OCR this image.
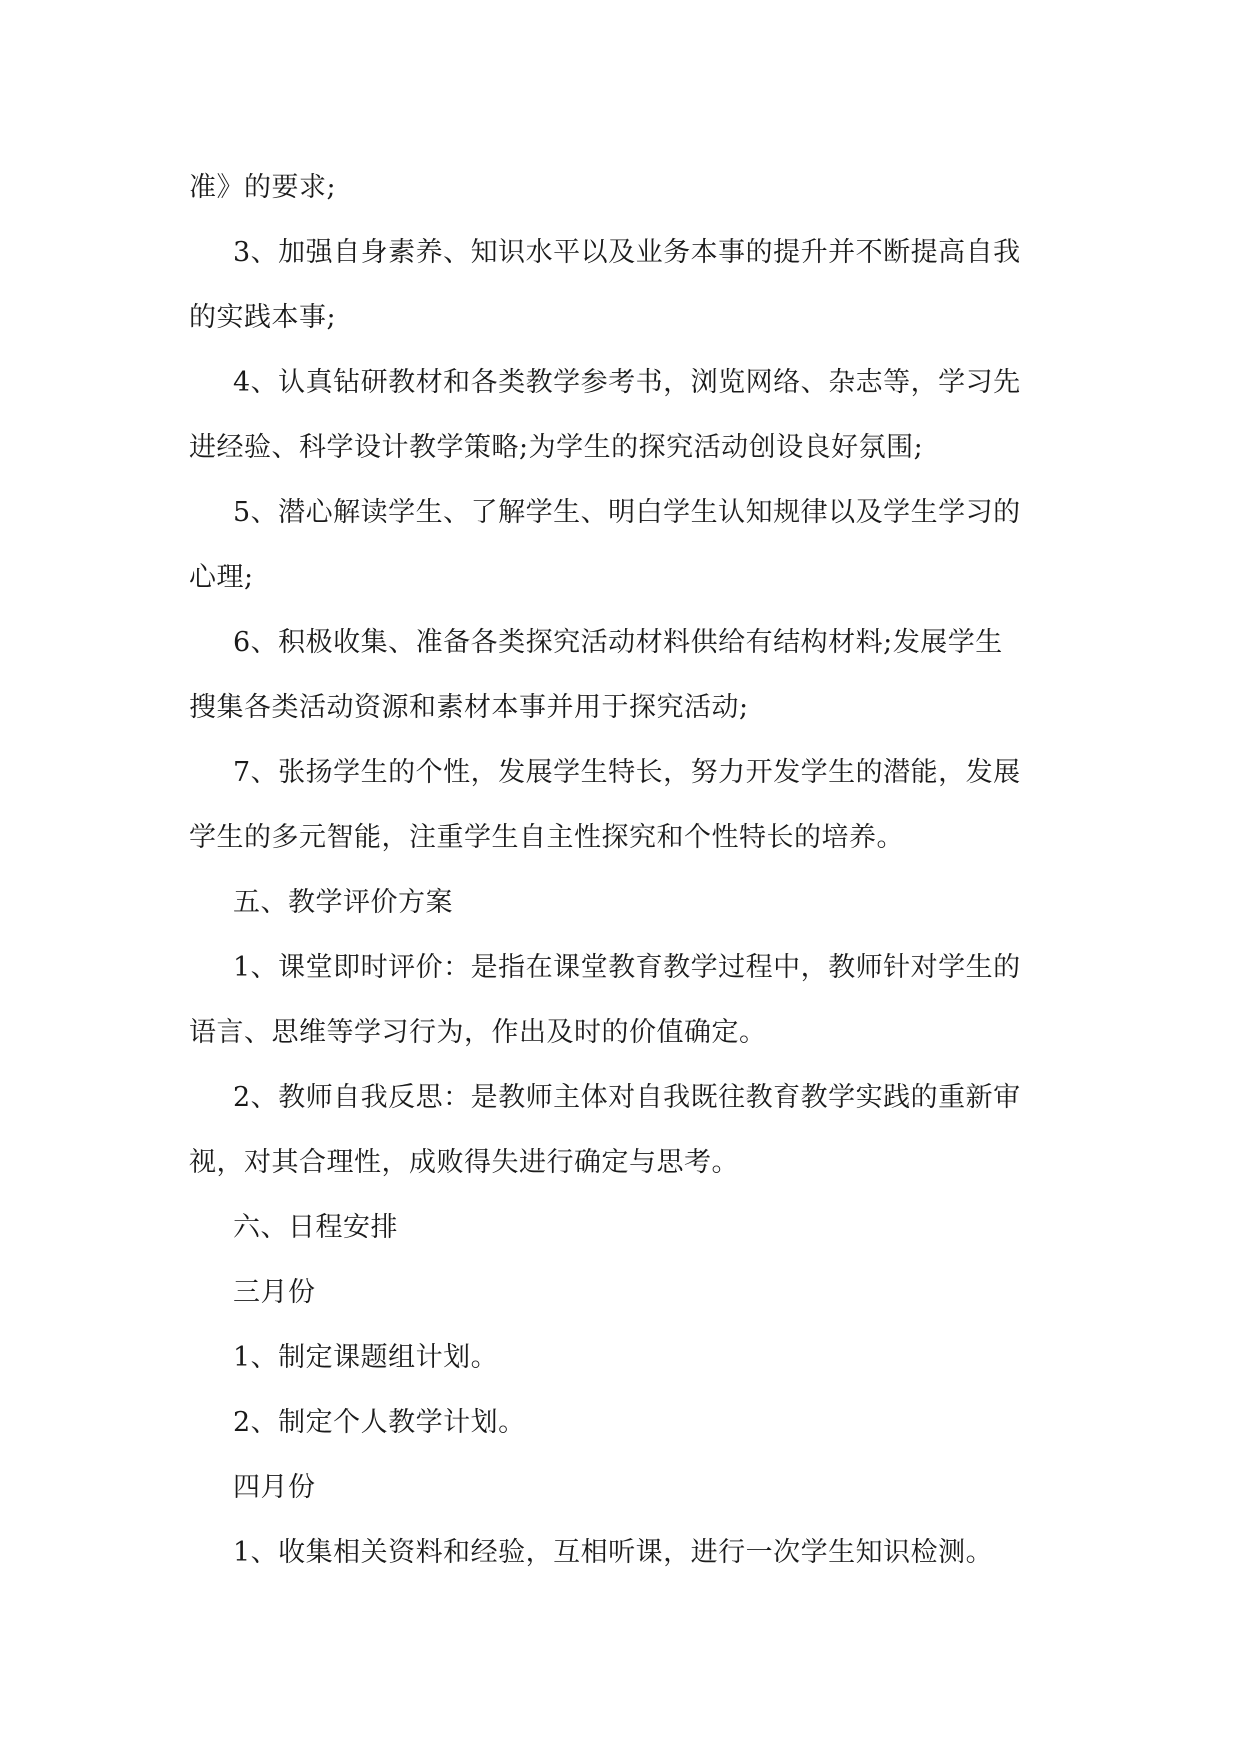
准》的要求;
3、加强自身素养、知识水平以及业务本事的提升并不断提高自我
的实践本事;
4、认真钻研教材和各类教学参考书，浏览网络、杂志等，学习先
进经验、科学设计教学策略;为学生的探究活动创设良好氛围;
5、潜心解读学生、了解学生、明白学生认知规律以及学生学习的
心理;
6、积极收集、准备各类探究活动材料供给有结构材料;发展学生
搜集各类活动资源和素材本事并用于探究活动;
7、张扬学生的个性，发展学生特长，努力开发学生的潜能，发展
学生的多元智能，注重学生自主性探究和个性特长的培养。
五、教学评价方案
1、课堂即时评价：是指在课堂教育教学过程中，教师针对学生的
语言、思维等学习行为，作出及时的价值确定。
2、教师自我反思：是教师主体对自我既往教育教学实践的重新审
视，对其合理性，成败得失进行确定与思考。
六、日程安排
三月份
1、制定课题组计划。
2、制定个人教学计划。
四月份
1、收集相关资料和经验，互相听课，进行一次学生知识检测。
